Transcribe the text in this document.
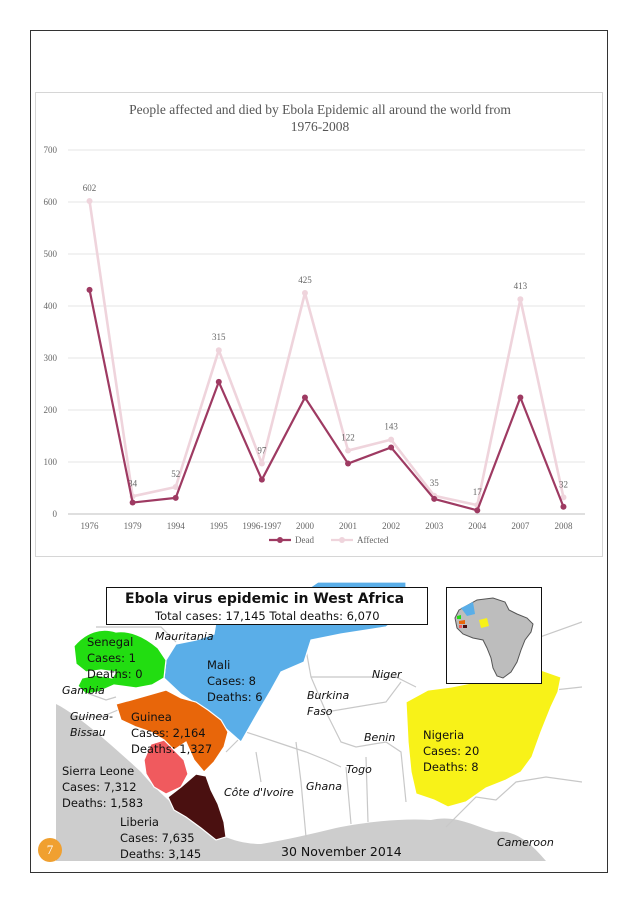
People affected and died by Ebola Epidemic all around the world from
1976-2008
0
100
200
300
400
500
600
700
1976	1979	1994	1995 1996-1997 2000	2001	2002	2003	2004	2007	2008
602
34
52
315
97
425
122
143
35
17
413
32
Dead	Affected
Ebola virus epidemic in West Africa
Total cases: 17,145 Total deaths: 6,070
Senegal
Cases: 1
Deaths: 0
Mali
Cases: 8
Deaths: 6
Guinea
Cases: 2,164
Deaths: 1,327
Sierra Leone
Cases: 7,312
Deaths: 1,583
Liberia
Cases: 7,635
Deaths: 3,145
Nigeria
Cases: 20
Deaths: 8
Mauritania
Gambia
Guinea-
Bissau
Niger
Burkina
Faso
Benin
Togo
Ghana
Côte d'Ivoire
Cameroon
30 November 2014
7
